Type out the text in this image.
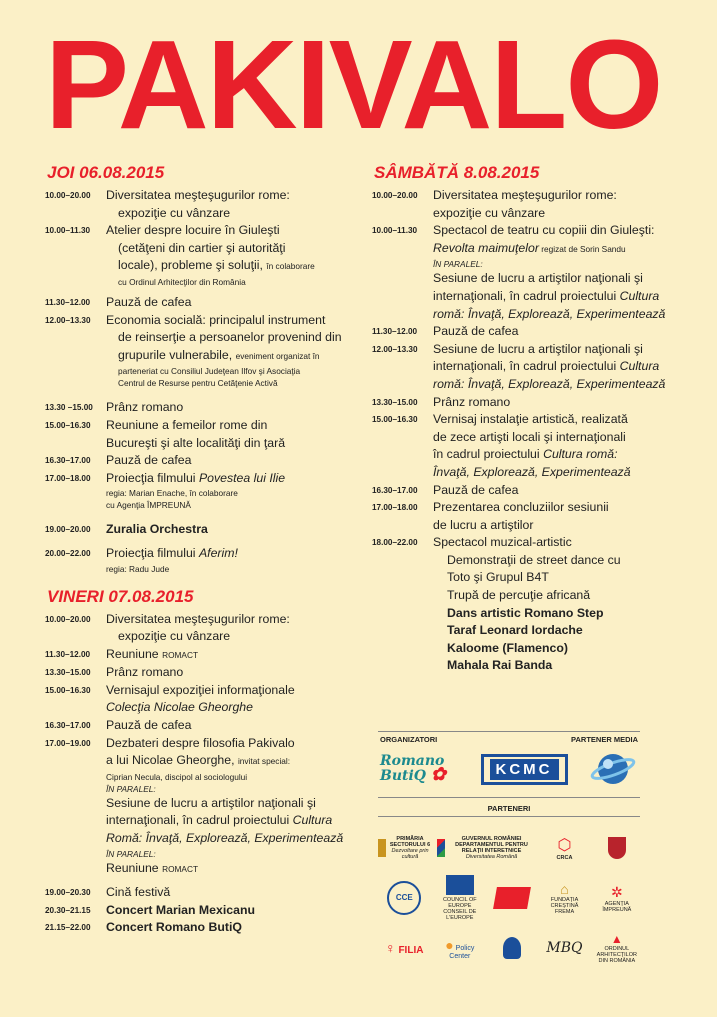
PAKIVALO
JOI 06.08.2015
10.00–20.00	Diversitatea meşteşugurilor rome:
expoziţie cu vânzare
10.00–11.30	Atelier despre locuire în Giuleşti
(cetăţeni din cartier şi autorităţi
locale), probleme şi soluţii, în colaborare
cu Ordinul Arhitecţilor din România
11.30–12.00	Pauză de cafea
12.00–13.30	Economia socială: principalul instrument
de reinserţie a persoanelor provenind din
grupurile vulnerabile, eveniment organizat în
parteneriat cu Consiliul Judeţean Ilfov şi Asociaţia
Centrul de Resurse pentru Cetăţenie Activă
13.30 –15.00	Prânz romano
15.00–16.30	Reuniune a femeilor rome din
Bucureşti şi alte localităţi din ţară
16.30–17.00	Pauză de cafea
17.00–18.00	Proiecţia filmului Povestea lui Ilie
regia: Marian Enache, în colaborare
cu Agenţia ÎMPREUNĂ
19.00–20.00	Zuralia Orchestra
20.00–22.00	Proiecţia filmului Aferim!
regia: Radu Jude
VINERI 07.08.2015
10.00–20.00	Diversitatea meşteşugurilor rome:
expoziţie cu vânzare
11.30–12.00	Reuniune ROMACT
13.30–15.00	Prânz romano
15.00–16.30	Vernisajul expoziţiei informaţionale
Colecţia Nicolae Gheorghe
16.30–17.00	Pauză de cafea
17.00–19.00	Dezbateri despre filosofia Pakivalo
a lui Nicolae Gheorghe, invitat special:
Ciprian Necula, discipol al sociologului
ÎN PARALEL:
Sesiune de lucru a artiştilor naţionali şi
internaţionali, în cadrul proiectului Cultura
Romă: Învaţă, Explorează, Experimentează
ÎN PARALEL:
Reuniune ROMACT
19.00–20.30	Cină festivă
20.30–21.15	Concert Marian Mexicanu
21.15–22.00	Concert Romano ButiQ
SÂMBĂTĂ 8.08.2015
10.00–20.00	Diversitatea meşteşugurilor rome:
expoziţie cu vânzare
10.00–11.30	Spectacol de teatru cu copiii din Giuleşti:
Revolta maimuţelor regizat de Sorin Sandu
ÎN PARALEL:
Sesiune de lucru a artiştilor naţionali şi
internaţionali, în cadrul proiectului Cultura
romă: Învaţă, Explorează, Experimentează
11.30–12.00	Pauză de cafea
12.00–13.30	Sesiune de lucru a artiştilor naţionali şi
internaţionali, în cadrul proiectului Cultura
romă: Învaţă, Explorează, Experimentează
13.30–15.00	Prânz romano
15.00–16.30	Vernisaj instalaţie artistică, realizată
de zece artişti locali şi internaţionali
în cadrul proiectului Cultura romă:
Învaţă, Explorează, Experimentează
16.30–17.00	Pauză de cafea
17.00–18.00	Prezentarea concluziilor sesiunii
de lucru a artiştilor
18.00–22.00	Spectacol muzical-artistic
Demonstraţii de street dance cu
Toto şi Grupul B4T
Trupă de percuţie africană
Dans artistic Romano Step
Taraf Leonard Iordache
Kaloome (Flamenco)
Mahala Rai Banda
ORGANIZATORI	PARTENER MEDIA
Romano ButiQ ✿	KCMC
PARTENERI
PRIMĂRIA SECTORULUI 6
Dezvoltare prin cultură
GUVERNUL ROMÂNIEI DEPARTAMENTUL PENTRU RELAŢII INTERETNICE
Diversitatea Română
⬡
CRCA
CCE	COUNCIL OF EUROPE
CONSEIL DE L'EUROPE
⌂
FUNDAȚIA CREȘTINĂ FREMA
✲
AGENȚIA ÎMPREUNĂ
♀ FILIA	● Policy Center	MBQ
▲
ORDINUL ARHITECȚILOR DIN ROMÂNIA
